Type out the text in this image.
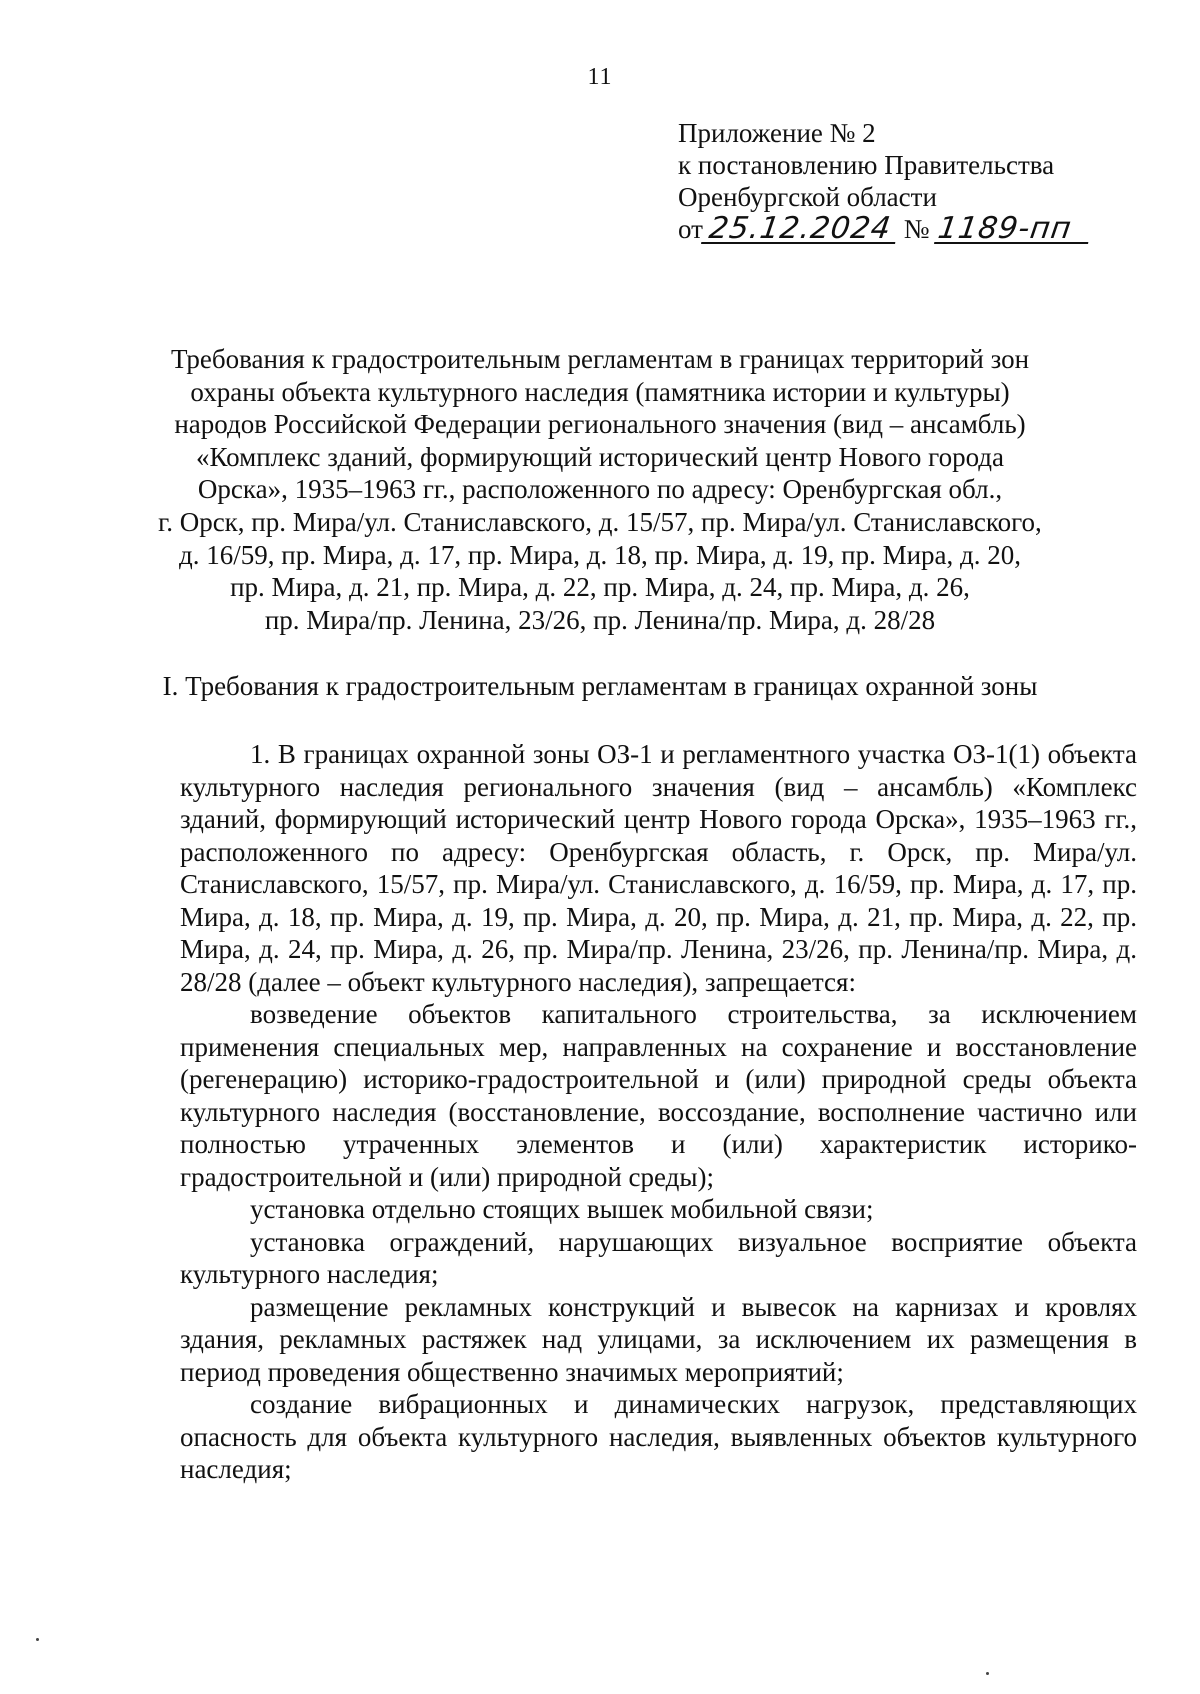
11
Приложение № 2
к постановлению Правительства
Оренбургской области
от 25.12.2024 № 1189-пп
Требования к градостроительным регламентам в границах территорий зон
охраны объекта культурного наследия (памятника истории и культуры)
народов Российской Федерации регионального значения (вид – ансамбль)
«Комплекс зданий, формирующий исторический центр Нового города
Орска», 1935–1963 гг., расположенного по адресу: Оренбургская обл.,
г. Орск, пр. Мира/ул. Станиславского, д. 15/57, пр. Мира/ул. Станиславского,
д. 16/59, пр. Мира, д. 17, пр. Мира, д. 18, пр. Мира, д. 19, пр. Мира, д. 20,
пр. Мира, д. 21, пр. Мира, д. 22, пр. Мира, д. 24, пр. Мира, д. 26,
пр. Мира/пр. Ленина, 23/26, пр. Ленина/пр. Мира, д. 28/28
I. Требования к градостроительным регламентам в границах охранной зоны

1. В границах охранной зоны ОЗ-1 и регламентного участка ОЗ-1(1) объекта культурного наследия регионального значения (вид – ансамбль) «Комплекс зданий, формирующий исторический центр Нового города Орска», 1935–1963 гг., расположенного по адресу: Оренбургская область, г. Орск, пр. Мира/ул. Станиславского, 15/57, пр. Мира/ул. Станиславского, д. 16/59, пр. Мира, д. 17, пр. Мира, д. 18, пр. Мира, д. 19, пр. Мира, д. 20, пр. Мира, д. 21, пр. Мира, д. 22, пр. Мира, д. 24, пр. Мира, д. 26, пр. Мира/пр. Ленина, 23/26, пр. Ленина/пр. Мира, д. 28/28 (далее – объект культурного наследия), запрещается:

возведение объектов капитального строительства, за исключением применения специальных мер, направленных на сохранение и восстановление (регенерацию) историко-градостроительной и (или) природной среды объекта культурного наследия (восстановление, воссоздание, восполнение частично или полностью утраченных элементов и (или) характеристик историко-градостроительной и (или) природной среды);

установка отдельно стоящих вышек мобильной связи;

установка ограждений, нарушающих визуальное восприятие объекта культурного наследия;

размещение рекламных конструкций и вывесок на карнизах и кровлях здания, рекламных растяжек над улицами, за исключением их размещения в период проведения общественно значимых мероприятий;

создание вибрационных и динамических нагрузок, представляющих опасность для объекта культурного наследия, выявленных объектов культурного наследия;
